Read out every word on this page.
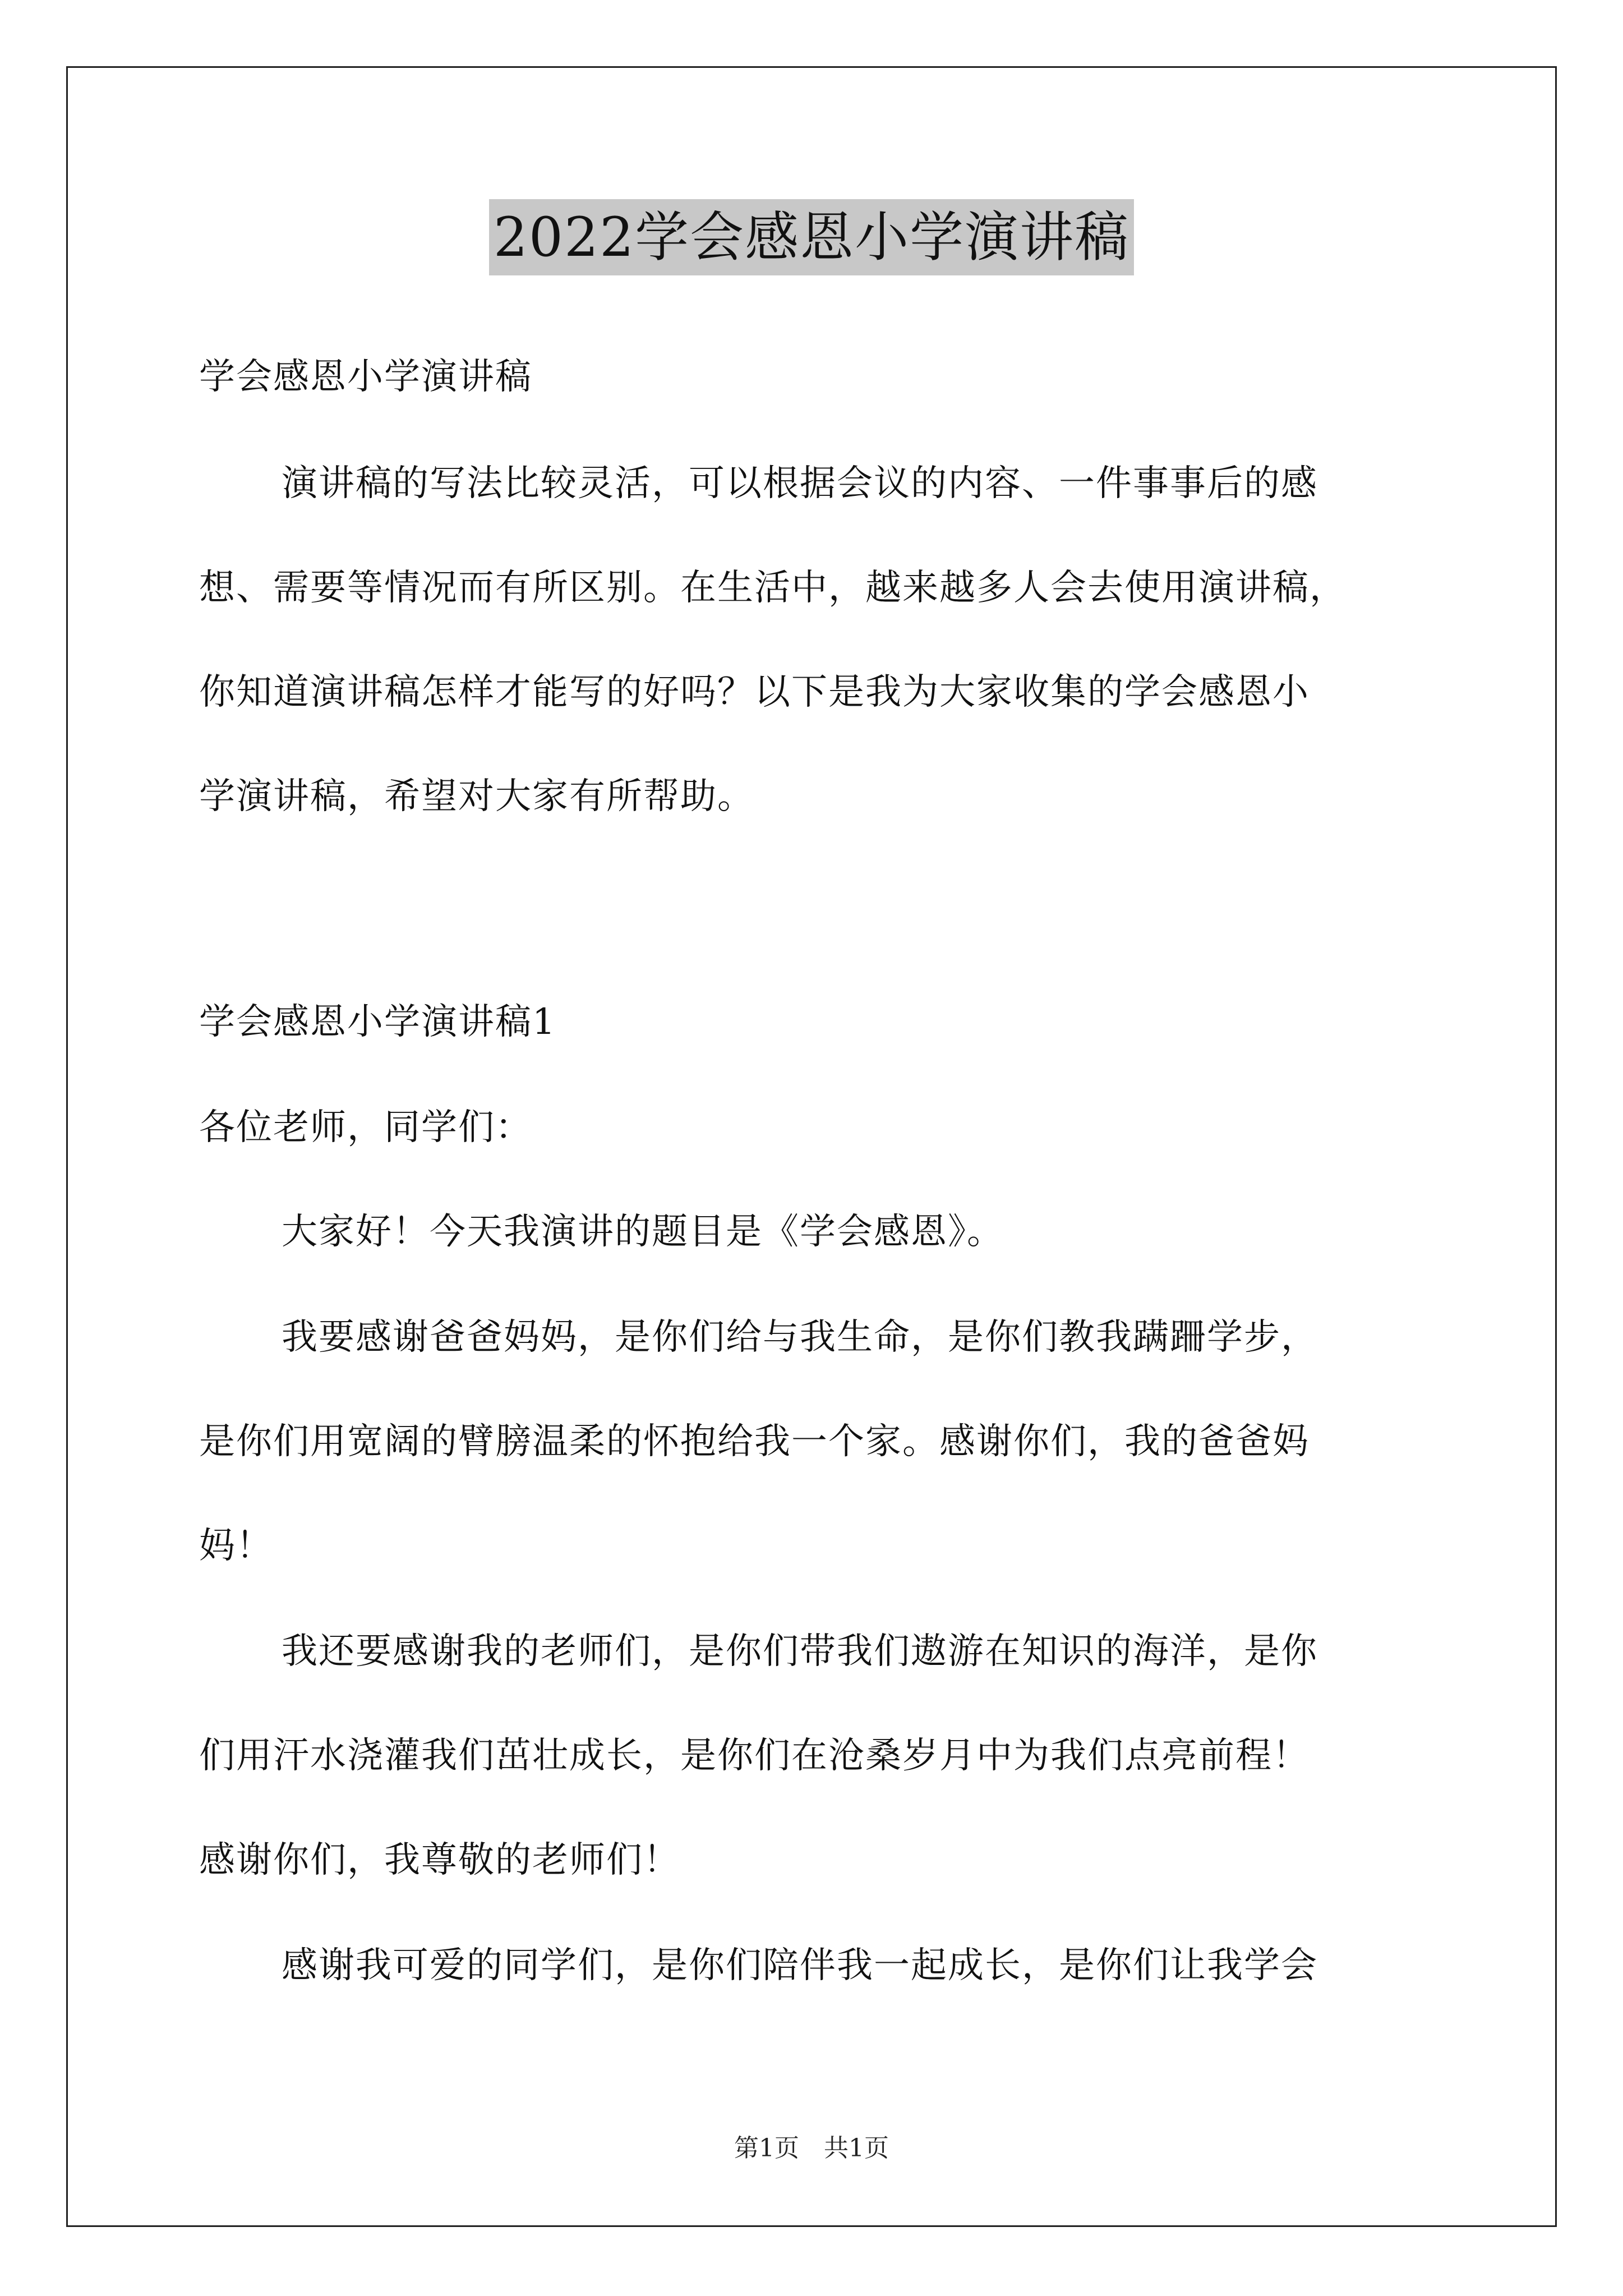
2022学会感恩小学演讲稿
学会感恩小学演讲稿
演讲稿的写法比较灵活，可以根据会议的内容、一件事事后的感
想、需要等情况而有所区别。在生活中，越来越多人会去使用演讲稿，
你知道演讲稿怎样才能写的好吗？以下是我为大家收集的学会感恩小
学演讲稿，希望对大家有所帮助。
学会感恩小学演讲稿1
各位老师，同学们：
大家好！今天我演讲的题目是《学会感恩》。
我要感谢爸爸妈妈，是你们给与我生命，是你们教我蹒跚学步，
是你们用宽阔的臂膀温柔的怀抱给我一个家。感谢你们，我的爸爸妈
妈！
我还要感谢我的老师们，是你们带我们遨游在知识的海洋，是你
们用汗水浇灌我们茁壮成长，是你们在沧桑岁月中为我们点亮前程！
感谢你们，我尊敬的老师们！
感谢我可爱的同学们，是你们陪伴我一起成长，是你们让我学会
第1页　共1页
